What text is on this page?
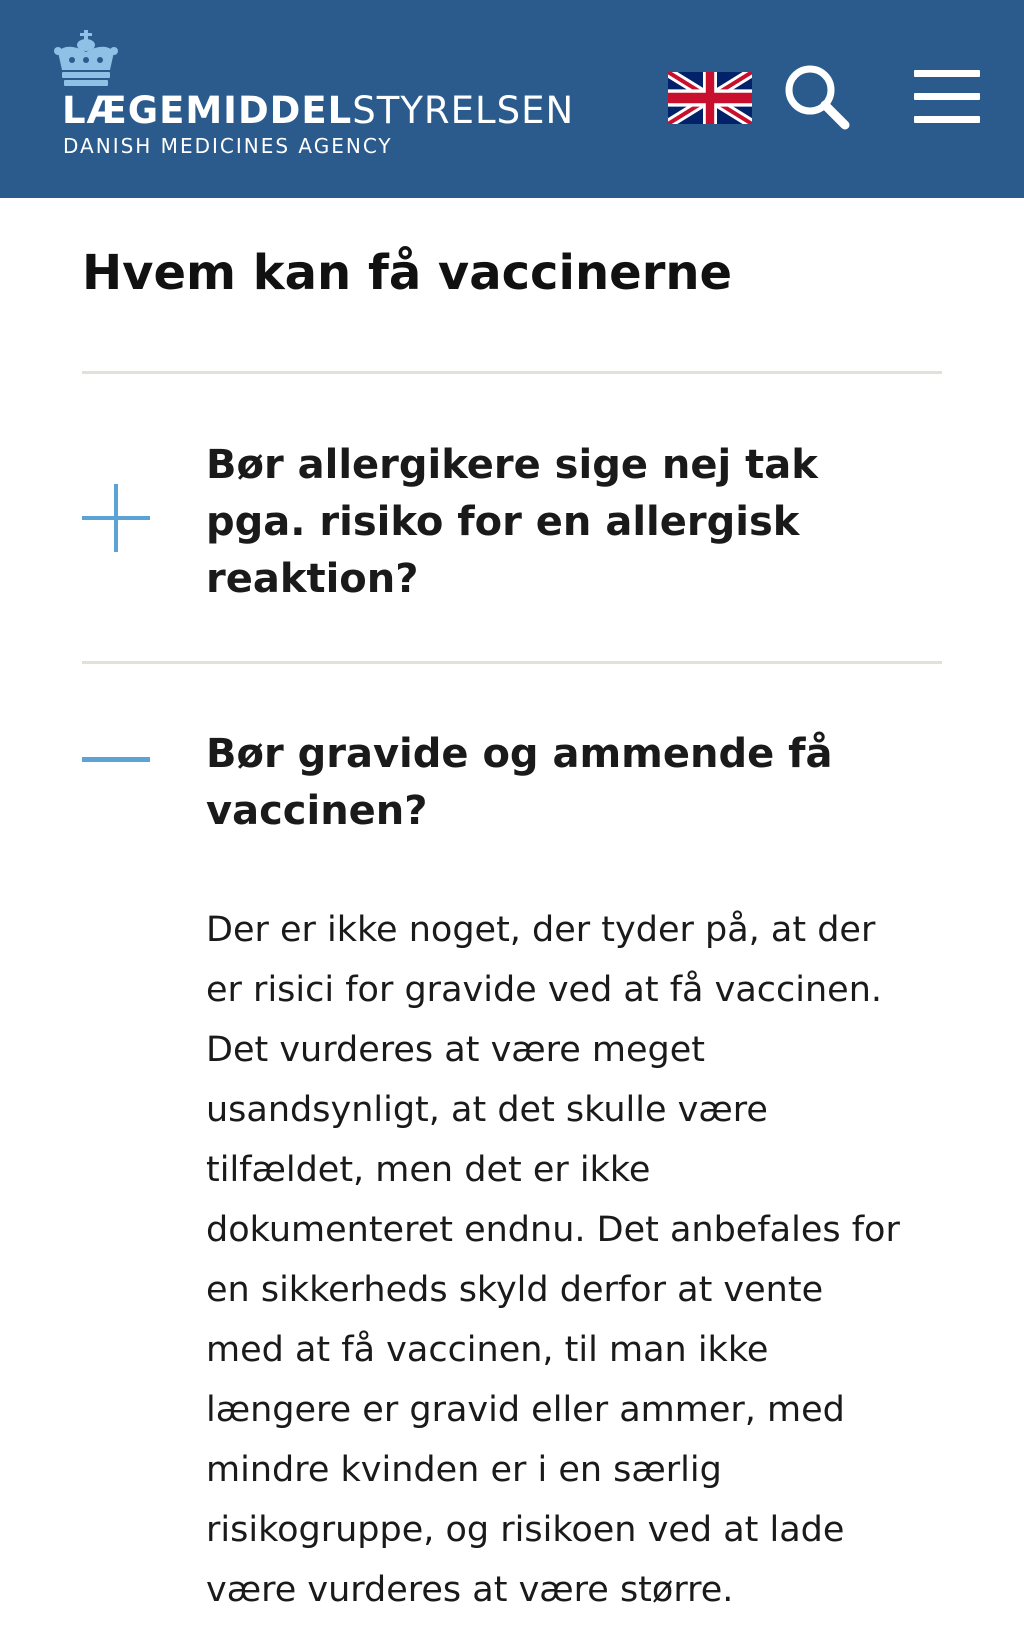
LÆGEMIDDELSTYRELSEN
DANISH MEDICINES AGENCY
Hvem kan få vaccinerne
Bør allergikere sige nej tak pga. risiko for en allergisk reaktion?
Bør gravide og ammende få vaccinen?

Der er ikke noget, der tyder på, at der er risici for gravide ved at få vaccinen. Det vurderes at være meget usandsynligt, at det skulle være tilfældet, men det er ikke dokumenteret endnu. Det anbefales for en sikkerheds skyld derfor at vente med at få vaccinen, til man ikke længere er gravid eller ammer, med mindre kvinden er i en særlig risikogruppe, og risikoen ved at lade være vurderes at være større.
